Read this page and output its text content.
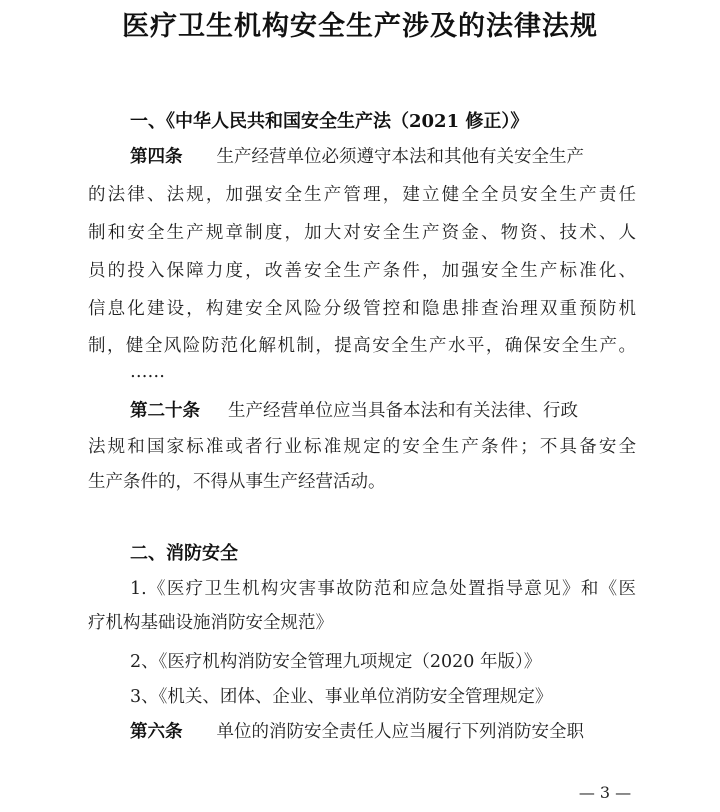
医疗卫生机构安全生产涉及的法律法规
一、《中华人民共和国安全生产法（2021 修正）》
第四条 生产经营单位必须遵守本法和其他有关安全生产
的法律、法规，加强安全生产管理，建立健全全员安全生产责任
制和安全生产规章制度，加大对安全生产资金、物资、技术、人
员的投入保障力度，改善安全生产条件，加强安全生产标准化、
信息化建设，构建安全风险分级管控和隐患排查治理双重预防机
制，健全风险防范化解机制，提高安全生产水平，确保安全生产。
……
第二十条 生产经营单位应当具备本法和有关法律、行政
法规和国家标准或者行业标准规定的安全生产条件；不具备安全
生产条件的，不得从事生产经营活动。
二、消防安全
1.《医疗卫生机构灾害事故防范和应急处置指导意见》和《医
疗机构基础设施消防安全规范》
2、《医疗机构消防安全管理九项规定（2020 年版）》
3、《机关、团体、企业、事业单位消防安全管理规定》
第六条 单位的消防安全责任人应当履行下列消防安全职
— 3 —
